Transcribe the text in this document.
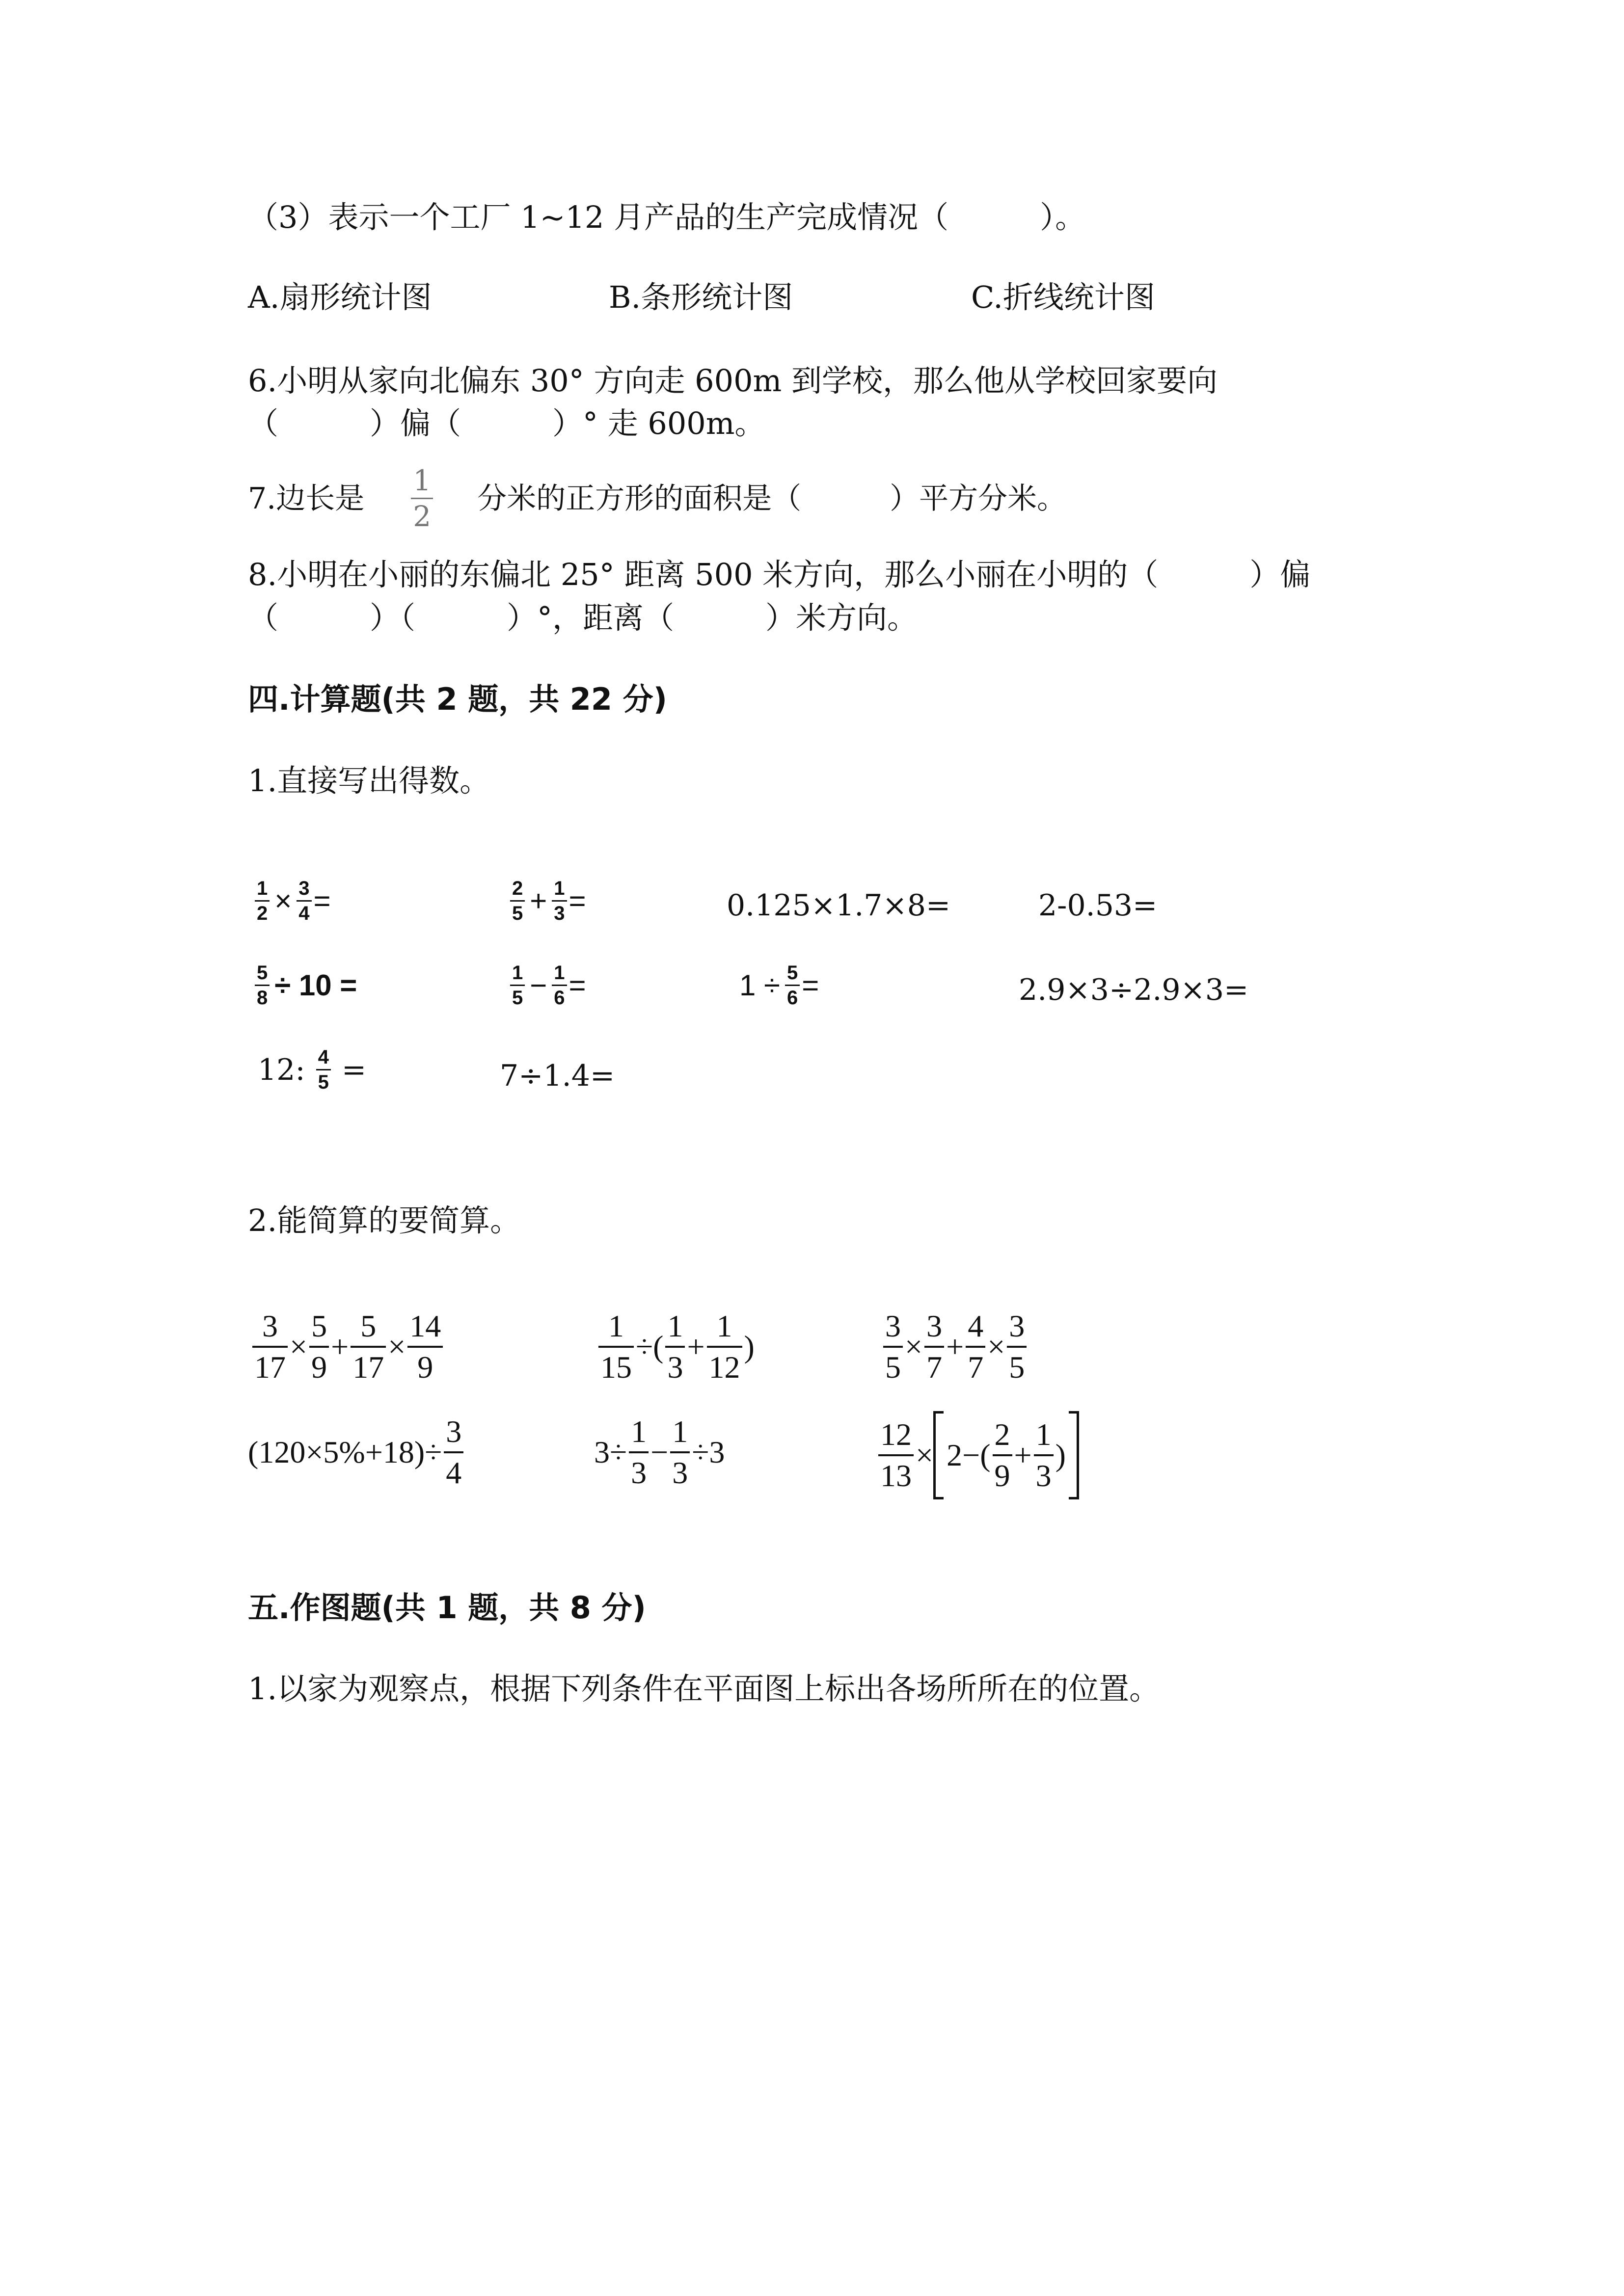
（3）表示一个工厂 1~12 月产品的生产完成情况（　　　）。
A.扇形统计图	B.条形统计图	C.折线统计图
6.小明从家向北偏东 30° 方向走 600m 到学校，那么他从学校回家要向
（　　　）偏（　　　）° 走 600m。
7.边长是 $\frac{1}{2}$ 分米的正方形的面积是（　　　）平方分米。
8.小明在小丽的东偏北 25° 距离 500 米方向，那么小丽在小明的（　　　）偏
（　　　）（　　　）°，距离（　　　）米方向。
四.计算题(共 2 题，共 22 分)
1.直接写出得数。
$\frac{1}{2} \times \frac{3}{4}$ =	$\frac{2}{5} + \frac{1}{3}$ =	0.125×1.7×8=	2-0.53=
$\frac{5}{8} \div 10$ =	$\frac{1}{5} - \frac{1}{6}$ =	$1 \div \frac{5}{6}$ =	2.9×3÷2.9×3=
12: $\frac{4}{5}$ =	7÷1.4=
2.能简算的要简算。
$\frac{3}{17} \times \frac{5}{9} + \frac{5}{17} \times \frac{14}{9}$	$\frac{1}{15}$ ÷( $\frac{1}{3} + \frac{1}{12}$ )	$\frac{3}{5} \times \frac{3}{7} + \frac{4}{7} \times \frac{3}{5}$
$(120\times 5\%+18)\div \frac{3}{4}$	$3\div \frac{1}{3} - \frac{1}{3} \div 3$	$\frac{12}{13} \times 2-( \frac{2}{9} + \frac{1}{3}$ )
五.作图题(共 1 题，共 8 分)
1.以家为观察点，根据下列条件在平面图上标出各场所所在的位置。
